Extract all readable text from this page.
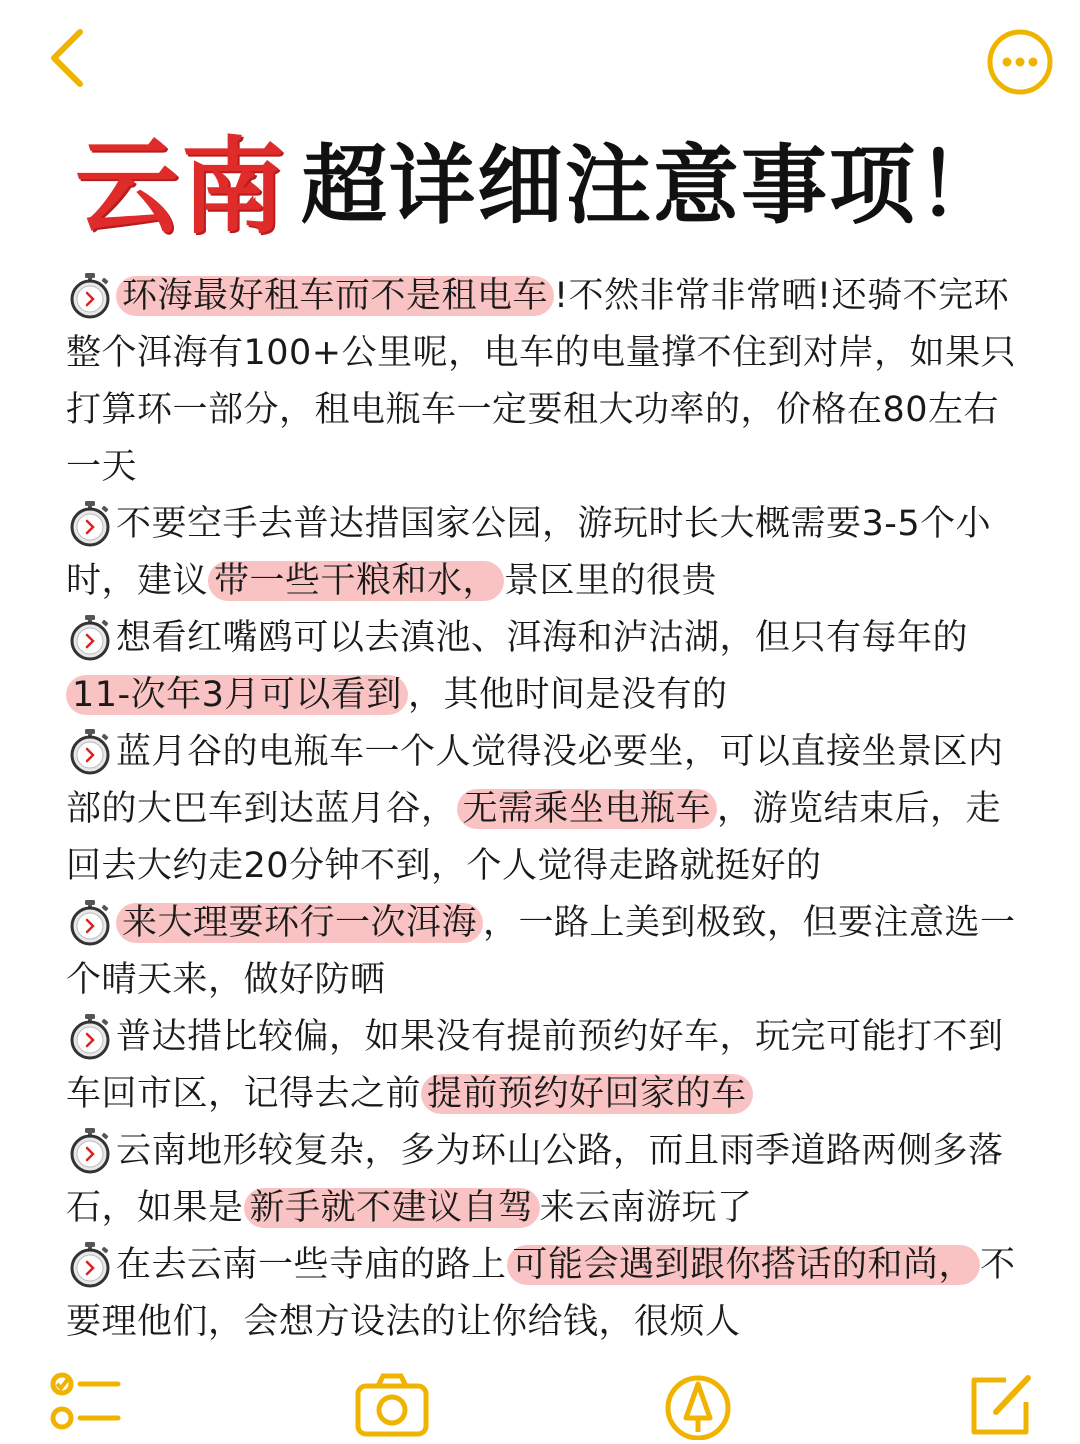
云南 超详细注意事项！
环海最好租车而不是租电车 !不然非常非常晒!还骑不完环整个洱海有100+公里呢，电车的电量撑不住到对岸，如果只打算环一部分，租电瓶车一定要租大功率的，价格在80左右一天
不要空手去普达措国家公园，游玩时长大概需要3-5个小时，建议 带一些干粮和水， 景区里的很贵
想看红嘴鸥可以去滇池、洱海和泸沽湖，但只有每年的11-次年3月可以看到 ，其他时间是没有的
蓝月谷的电瓶车一个人觉得没必要坐，可以直接坐景区内部的大巴车到达蓝月谷， 无需乘坐电瓶车 ，游览结束后，走回去大约走20分钟不到，个人觉得走路就挺好的
来大理要环行一次洱海 ，一路上美到极致，但要注意选一个晴天来，做好防晒
普达措比较偏，如果没有提前预约好车，玩完可能打不到车回市区，记得去之前 提前预约好回家的车
云南地形较复杂，多为环山公路，而且雨季道路两侧多落石，如果是 新手就不建议自驾 来云南游玩了
在去云南一些寺庙的路上 可能会遇到跟你搭话的和尚， 不要理他们，会想方设法的让你给钱，很烦人
